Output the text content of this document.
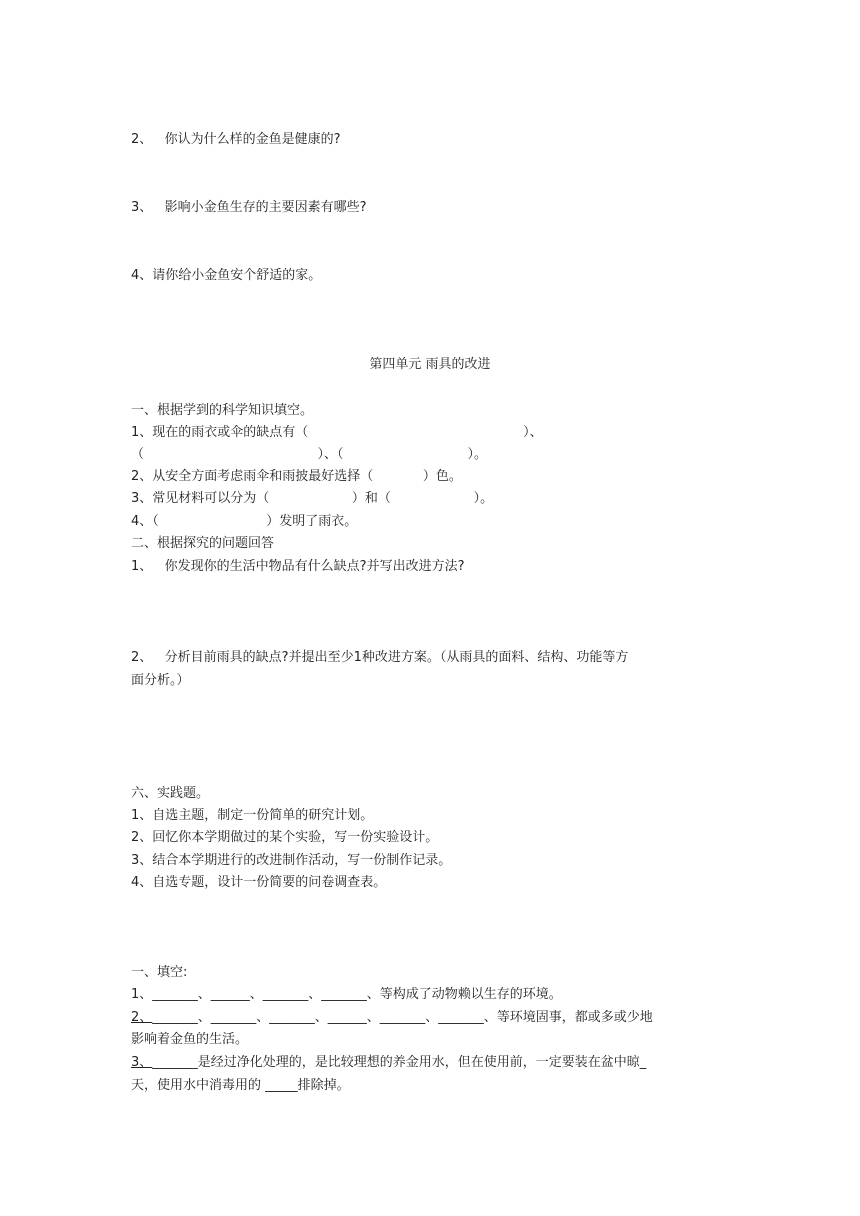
2、   你认为什么样的金鱼是健康的?
3、   影响小金鱼生存的主要因素有哪些?
4、请你给小金鱼安个舒适的家。
第四单元 雨具的改进
一、根据学到的科学知识填空。
1、现在的雨衣或伞的缺点有（                                                    ）、
（                                          ）、（                              ）。
2、从安全方面考虑雨伞和雨披最好选择（            ）色。
3、常见材料可以分为（                    ）和（                    ）。
4、（                          ）发明了雨衣。
二、根据探究的问题回答
1、   你发现你的生活中物品有什么缺点?并写出改进方法?
2、   分析目前雨具的缺点?并提出至少1种改进方案。（从雨具的面料、结构、功能等方
面分析。）
六、实践题。
1、自选主题，制定一份简单的研究计划。
2、回忆你本学期做过的某个实验，写一份实验设计。
3、结合本学期进行的改进制作活动，写一份制作记录。
4、自选专题，设计一份简要的问卷调查表。
一、填空:
1、_______、______、_______、_______、等构成了动物赖以生存的环境。
2、_______、_______、_______、______、_______、_______、等环境固事，都或多或少地
影响着金鱼的生活。
3、_______是经过净化处理的，是比较理想的养金用水，但在使用前，一定要装在盆中晾_
天，使用水中消毒用的 _____排除掉。
